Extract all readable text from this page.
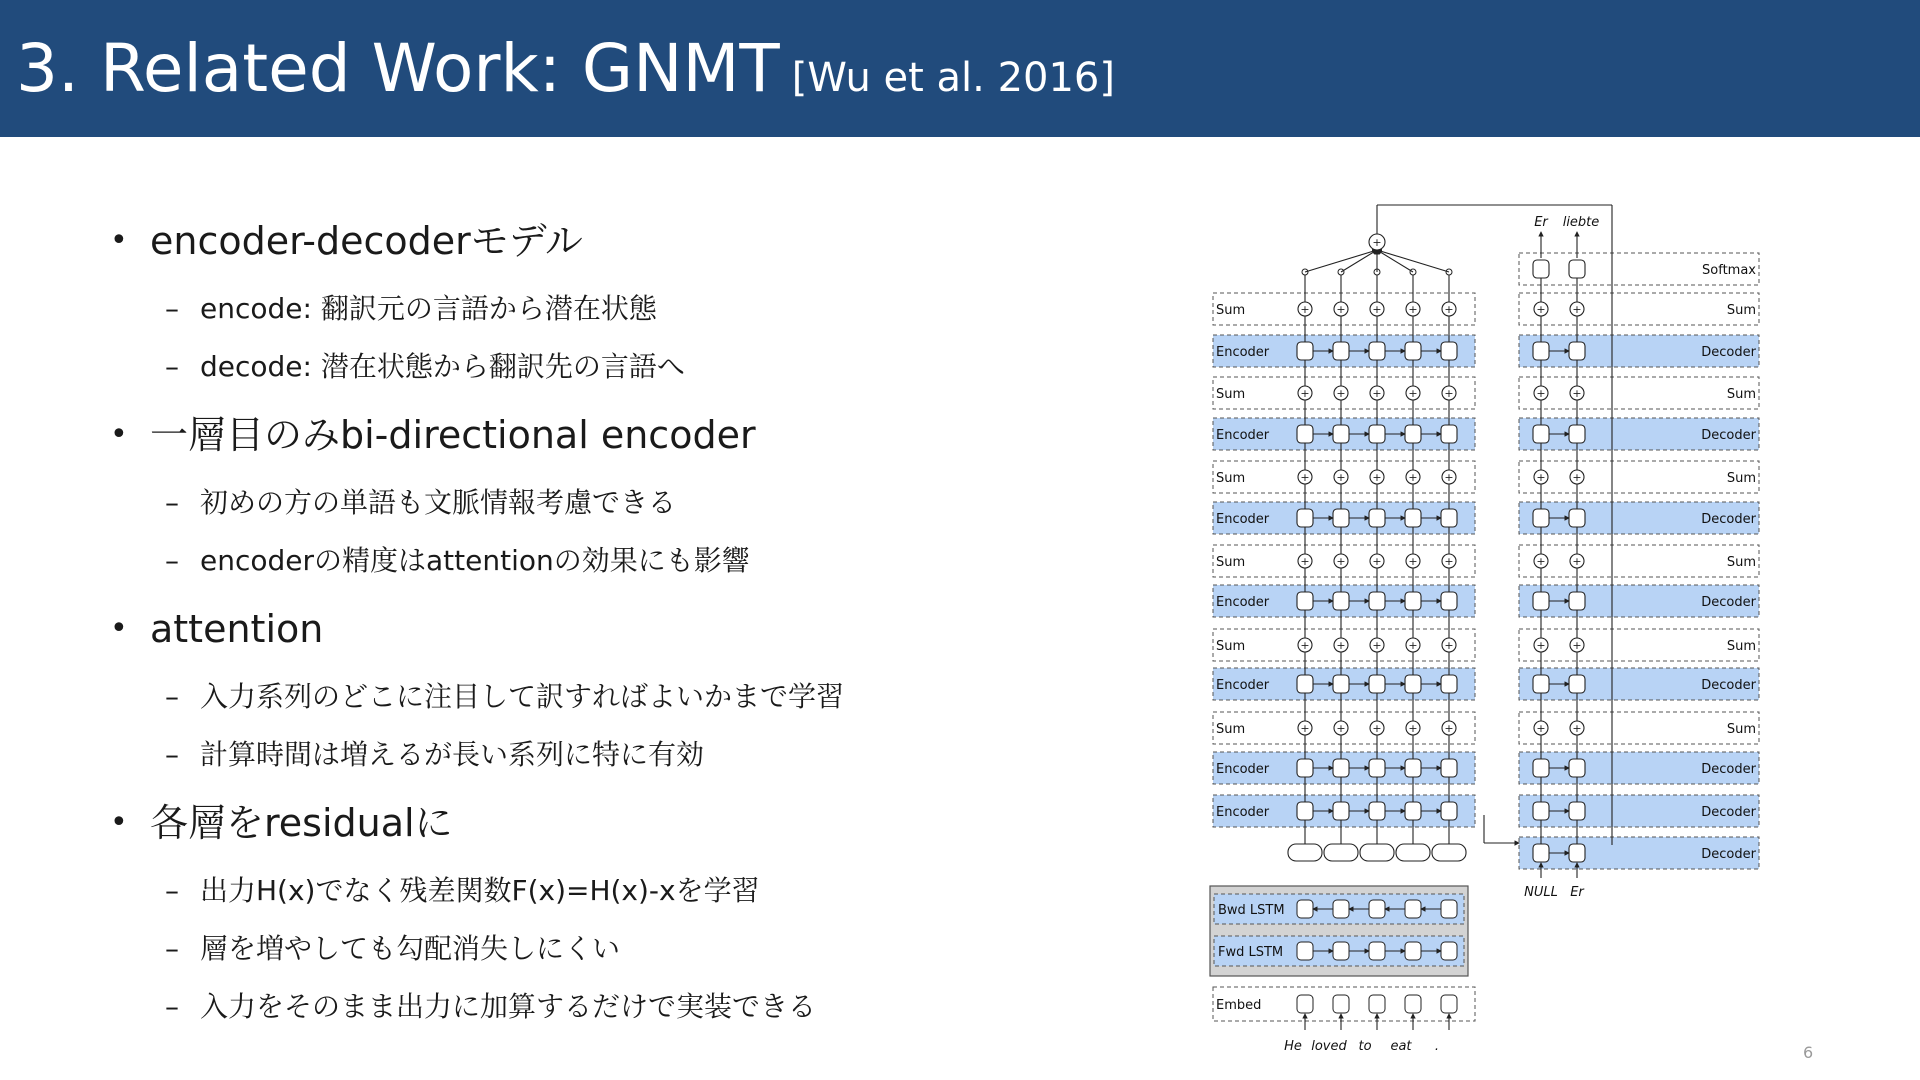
3. Related Work: GNMT [Wu et al. 2016]
• encoder-decoderモデル
– encode: 翻訳元の言語から潜在状態
– decode: 潜在状態から翻訳先の言語へ
• 一層目のみbi-directional encoder
– 初めの方の単語も文脈情報考慮できる
– encoderの精度はattentionの効果にも影響
• attention
– 入力系列のどこに注目して訳すればよいかまで学習
– 計算時間は増えるが長い系列に特に有効
• 各層をresidualに
– 出力H(x)でなく残差関数F(x)=H(x)-xを学習
– 層を増やしても勾配消失しにくい
– 入力をそのまま出力に加算するだけで実装できる
+ + + + +
+ + + + +
+ + + + +
+ + + + +
+ + + + +
+ + + + +
+ +
+ +
+ +
+ +
+ +
+ +
Sum
Encoder
Sum
Encoder
Sum
Encoder
Sum
Encoder
Sum
Encoder
Sum
Encoder
Encoder
Sum
Decoder
Sum
Decoder
Sum
Decoder
Sum
Decoder
Sum
Decoder
Sum
Decoder
Decoder
Decoder
Softmax
Bwd LSTM
Fwd LSTM
Embed
He loved to eat .
+
NULL Er
Er liebte
6
